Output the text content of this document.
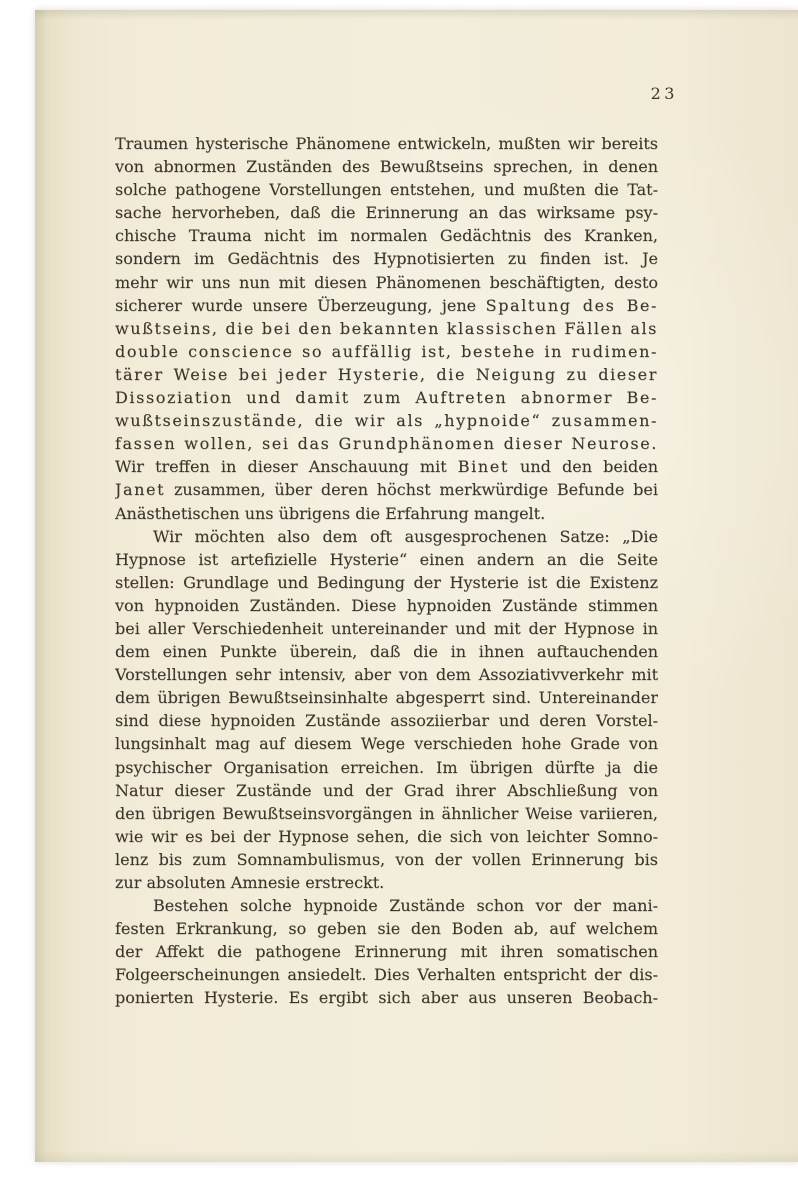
23
Traumen hysterische Phänomene entwickeln, mußten wir bereits
von abnormen Zuständen des Bewußtseins sprechen, in denen
solche pathogene Vorstellungen entstehen, und mußten die Tat-
sache hervorheben, daß die Erinnerung an das wirksame psy-
chische Trauma nicht im normalen Gedächtnis des Kranken,
sondern im Gedächtnis des Hypnotisierten zu finden ist. Je
mehr wir uns nun mit diesen Phänomenen beschäftigten, desto
sicherer wurde unsere Überzeugung, jene Spaltung des Be-
wußtseins, die bei den bekannten klassischen Fällen als
double conscience so auffällig ist, bestehe in rudimen-
tärer Weise bei jeder Hysterie, die Neigung zu dieser
Dissoziation und damit zum Auftreten abnormer Be-
wußtseinszustände, die wir als „hypnoide“ zusammen-
fassen wollen, sei das Grundphänomen dieser Neurose.
Wir treffen in dieser Anschauung mit Binet und den beiden
Janet zusammen, über deren höchst merkwürdige Befunde bei
Anästhetischen uns übrigens die Erfahrung mangelt.
Wir möchten also dem oft ausgesprochenen Satze: „Die
Hypnose ist artefizielle Hysterie“ einen andern an die Seite
stellen: Grundlage und Bedingung der Hysterie ist die Existenz
von hypnoiden Zuständen. Diese hypnoiden Zustände stimmen
bei aller Verschiedenheit untereinander und mit der Hypnose in
dem einen Punkte überein, daß die in ihnen auftauchenden
Vorstellungen sehr intensiv, aber von dem Assoziativverkehr mit
dem übrigen Bewußtseinsinhalte abgesperrt sind. Untereinander
sind diese hypnoiden Zustände assoziierbar und deren Vorstel-
lungsinhalt mag auf diesem Wege verschieden hohe Grade von
psychischer Organisation erreichen. Im übrigen dürfte ja die
Natur dieser Zustände und der Grad ihrer Abschließung von
den übrigen Bewußtseinsvorgängen in ähnlicher Weise variieren,
wie wir es bei der Hypnose sehen, die sich von leichter Somno-
lenz bis zum Somnambulismus, von der vollen Erinnerung bis
zur absoluten Amnesie erstreckt.
Bestehen solche hypnoide Zustände schon vor der mani-
festen Erkrankung, so geben sie den Boden ab, auf welchem
der Affekt die pathogene Erinnerung mit ihren somatischen
Folgeerscheinungen ansiedelt. Dies Verhalten entspricht der dis-
ponierten Hysterie. Es ergibt sich aber aus unseren Beobach-
